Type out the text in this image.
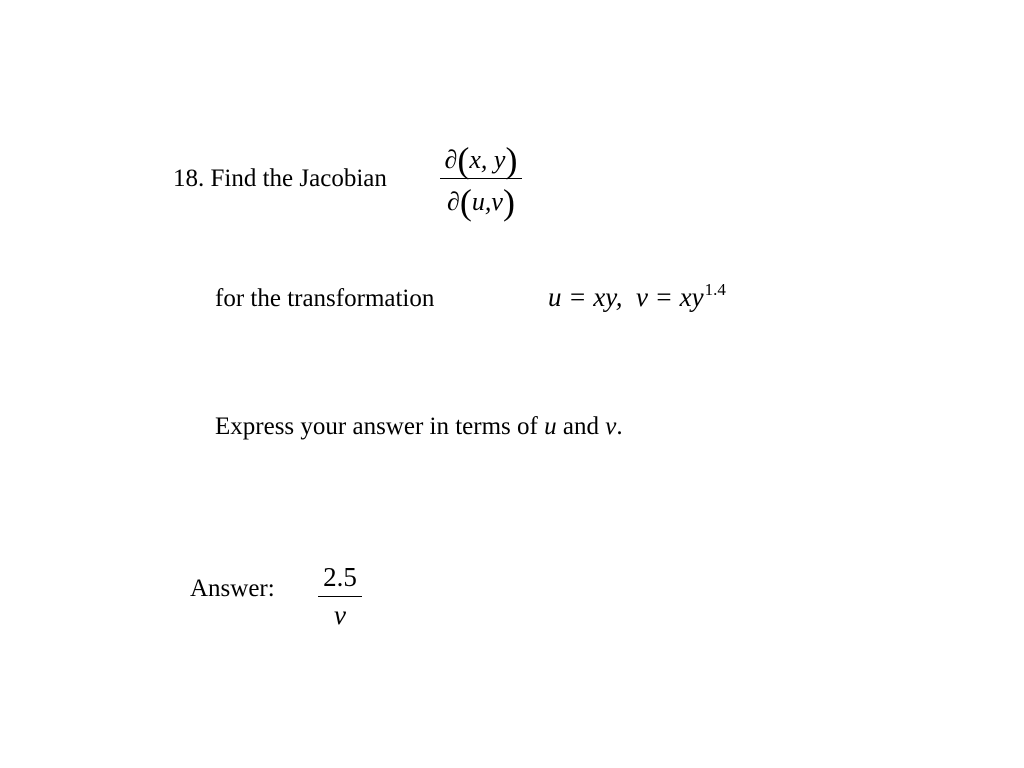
18. Find the Jacobian
∂(x, y)
∂(u,v)
for the transformation	u = xy, $v = xy^{1.4}$
Express your answer in terms of u and v.
Answer: 2.5
v
